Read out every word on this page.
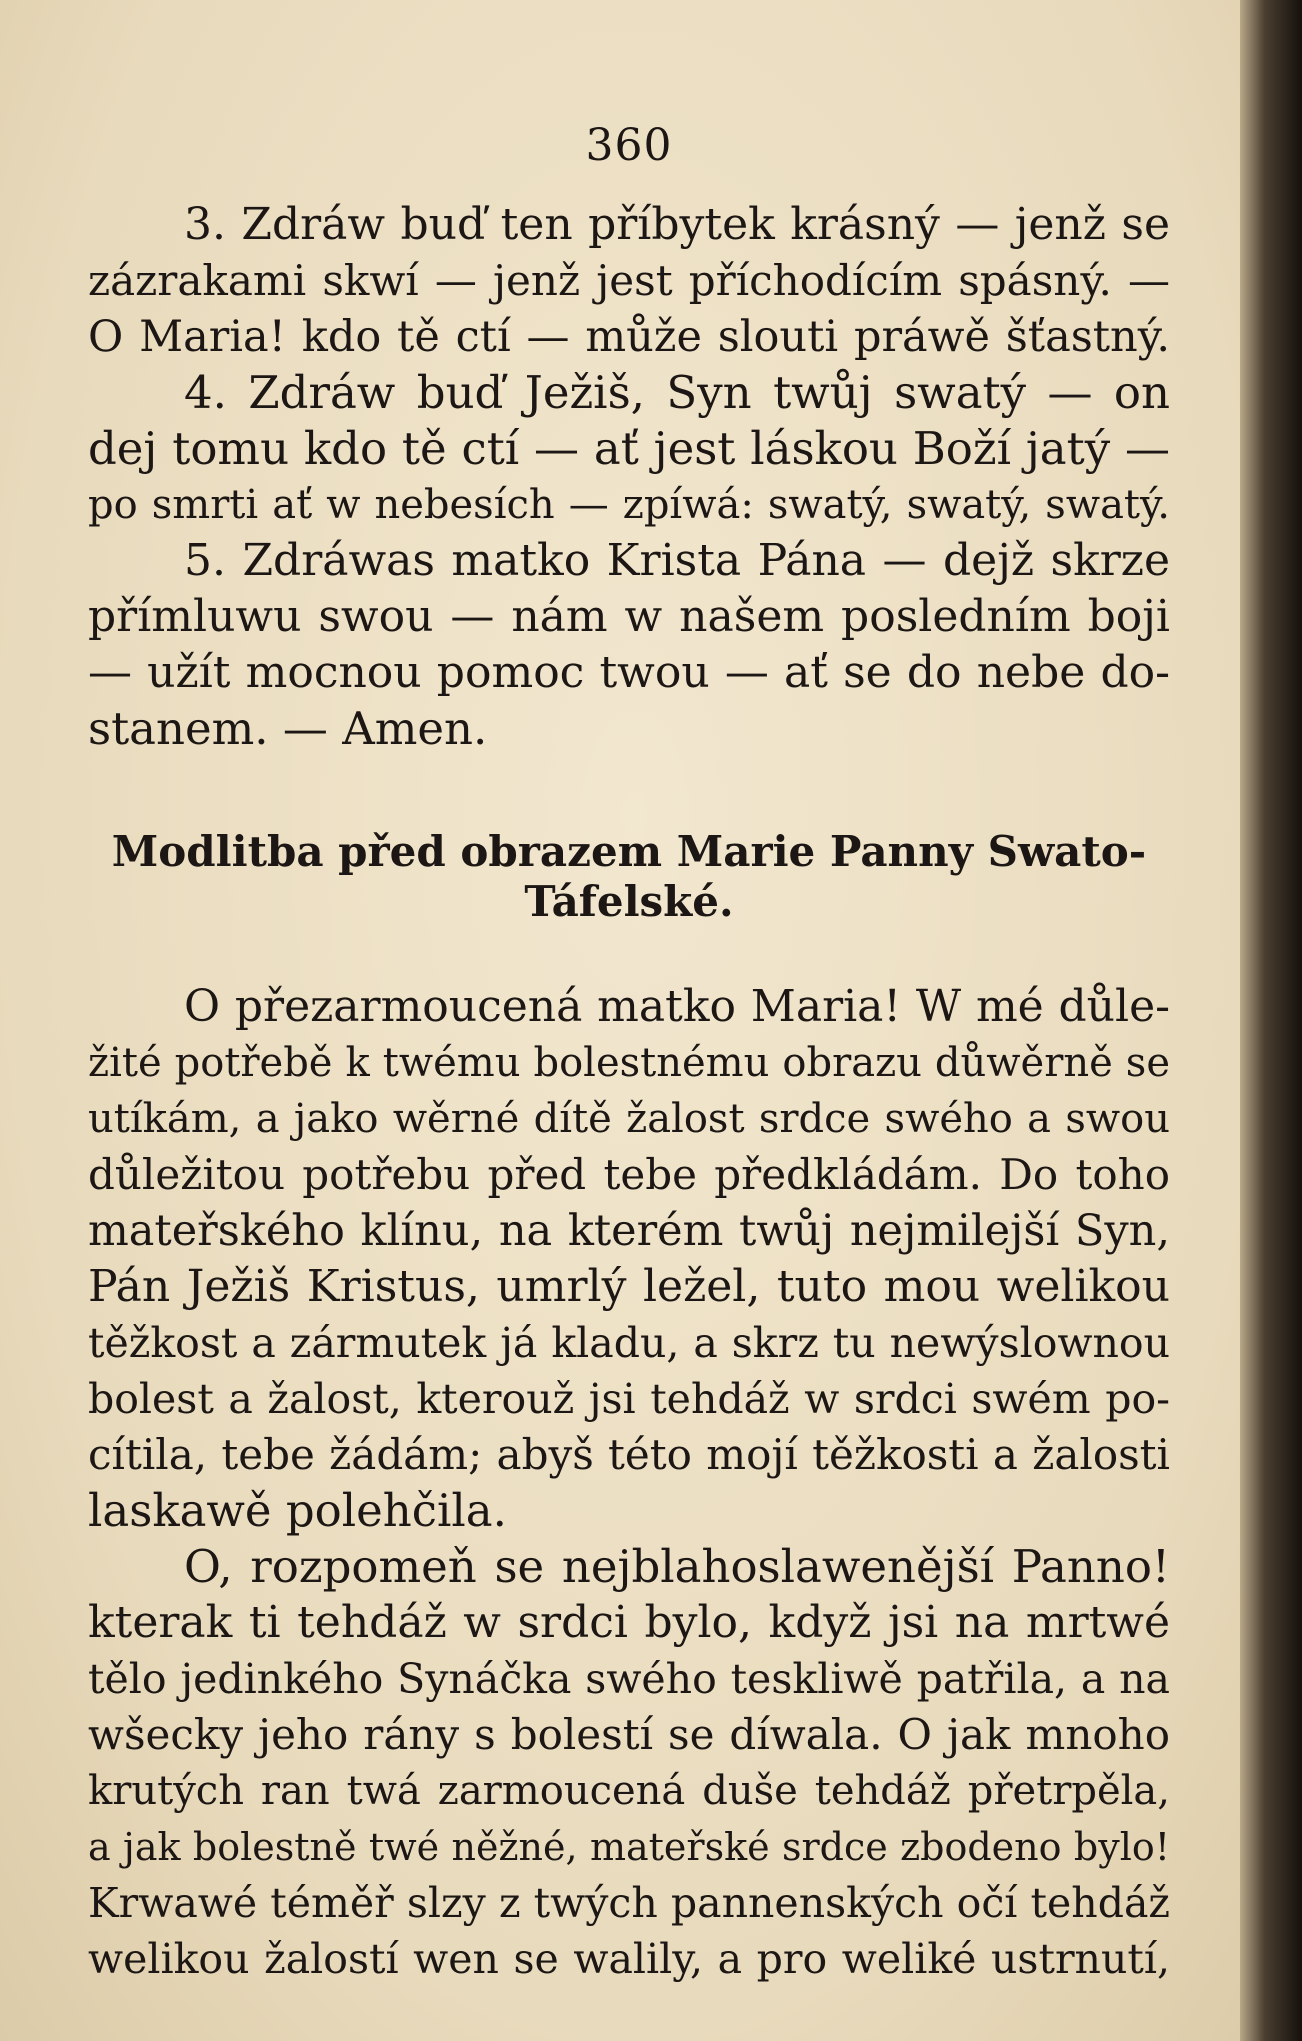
360
3. Zdráw buď ten příbytek krásný — jenž se
zázrakami skwí — jenž jest příchodícím spásný. —
O Maria! kdo tě ctí — může slouti práwě šťastný.
4. Zdráw buď Ježiš, Syn twůj swatý — on
dej tomu kdo tě ctí — ať jest láskou Boží jatý —
po smrti ať w nebesích — zpíwá: swatý, swatý, swatý.
5. Zdráwas matko Krista Pána — dejž skrze
přímluwu swou — nám w našem posledním boji
— užít mocnou pomoc twou — ať se do nebe do-
stanem. — Amen.
Modlitba před obrazem Marie Panny Swato-
Táfelské.
O přezarmoucená matko Maria! W mé důle-
žité potřebě k twému bolestnému obrazu důwěrně se
utíkám, a jako wěrné dítě žalost srdce swého a swou
důležitou potřebu před tebe předkládám. Do toho
mateřského klínu, na kterém twůj nejmilejší Syn,
Pán Ježiš Kristus, umrlý ležel, tuto mou welikou
těžkost a zármutek já kladu, a skrz tu newýslownou
bolest a žalost, kterouž jsi tehdáž w srdci swém po-
cítila, tebe žádám; abyš této mojí těžkosti a žalosti
laskawě polehčila.
O, rozpomeň se nejblahoslawenější Panno!
kterak ti tehdáž w srdci bylo, když jsi na mrtwé
tělo jedinkého Synáčka swého teskliwě patřila, a na
wšecky jeho rány s bolestí se díwala. O jak mnoho
krutých ran twá zarmoucená duše tehdáž přetrpěla,
a jak bolestně twé něžné, mateřské srdce zbodeno bylo!
Krwawé téměř slzy z twých pannenských očí tehdáž
welikou žalostí wen se walily, a pro weliké ustrnutí,
